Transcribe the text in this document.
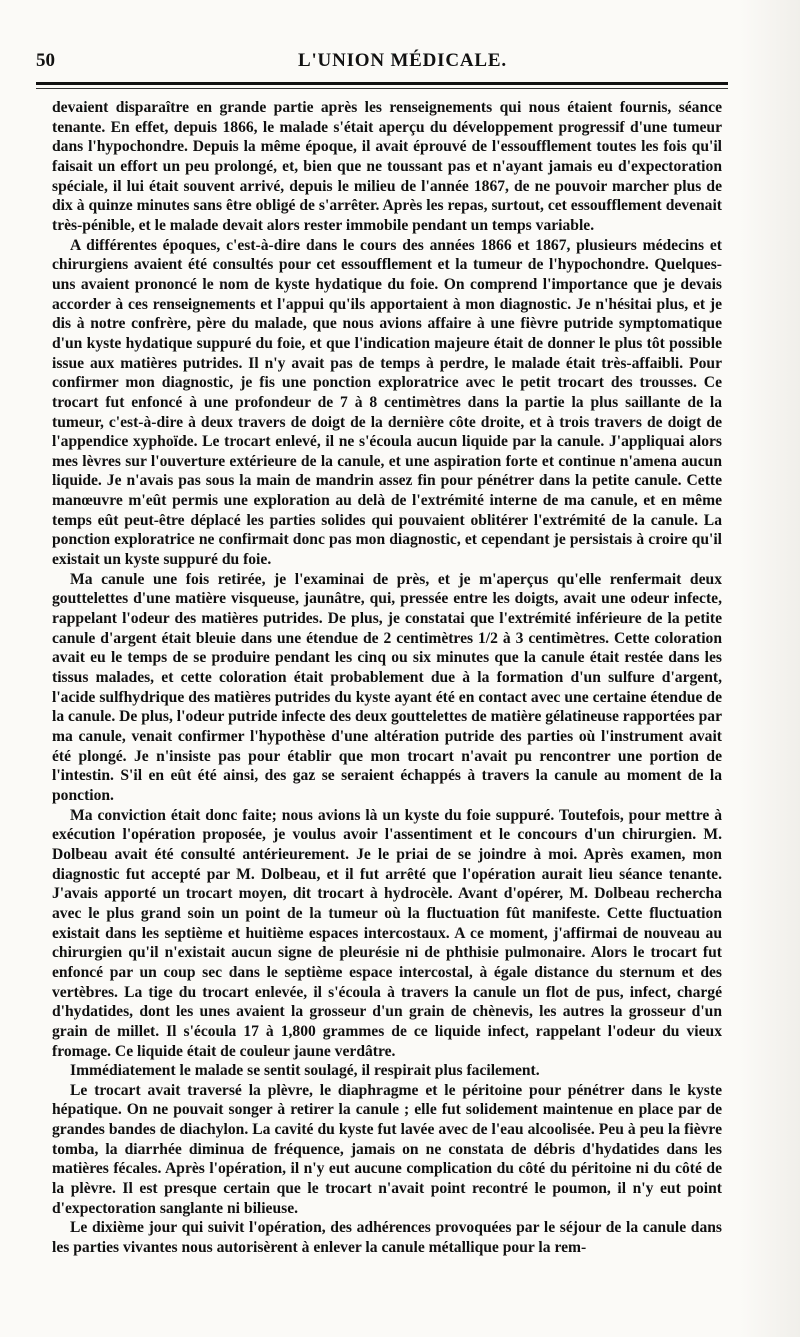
50	L'UNION MÉDICALE.

devaient disparaître en grande partie après les renseignements qui nous étaient fournis, séance tenante. En effet, depuis 1866, le malade s'était aperçu du développement progressif d'une tumeur dans l'hypochondre. Depuis la même époque, il avait éprouvé de l'essoufflement toutes les fois qu'il faisait un effort un peu prolongé, et, bien que ne toussant pas et n'ayant jamais eu d'expectoration spéciale, il lui était souvent arrivé, depuis le milieu de l'année 1867, de ne pouvoir marcher plus de dix à quinze minutes sans être obligé de s'arrêter. Après les repas, surtout, cet essoufflement devenait très-pénible, et le malade devait alors rester immobile pendant un temps variable.

A différentes époques, c'est-à-dire dans le cours des années 1866 et 1867, plusieurs médecins et chirurgiens avaient été consultés pour cet essoufflement et la tumeur de l'hypochondre. Quelques-uns avaient prononcé le nom de kyste hydatique du foie. On comprend l'importance que je devais accorder à ces renseignements et l'appui qu'ils apportaient à mon diagnostic. Je n'hésitai plus, et je dis à notre confrère, père du malade, que nous avions affaire à une fièvre putride symptomatique d'un kyste hydatique suppuré du foie, et que l'indication majeure était de donner le plus tôt possible issue aux matières putrides. Il n'y avait pas de temps à perdre, le malade était très-affaibli. Pour confirmer mon diagnostic, je fis une ponction exploratrice avec le petit trocart des trousses. Ce trocart fut enfoncé à une profondeur de 7 à 8 centimètres dans la partie la plus saillante de la tumeur, c'est-à-dire à deux travers de doigt de la dernière côte droite, et à trois travers de doigt de l'appendice xyphoïde. Le trocart enlevé, il ne s'écoula aucun liquide par la canule. J'appliquai alors mes lèvres sur l'ouverture extérieure de la canule, et une aspiration forte et continue n'amena aucun liquide. Je n'avais pas sous la main de mandrin assez fin pour pénétrer dans la petite canule. Cette manœuvre m'eût permis une exploration au delà de l'extrémité interne de ma canule, et en même temps eût peut-être déplacé les parties solides qui pouvaient oblitérer l'extrémité de la canule. La ponction exploratrice ne confirmait donc pas mon diagnostic, et cependant je persistais à croire qu'il existait un kyste suppuré du foie.

Ma canule une fois retirée, je l'examinai de près, et je m'aperçus qu'elle renfermait deux gouttelettes d'une matière visqueuse, jaunâtre, qui, pressée entre les doigts, avait une odeur infecte, rappelant l'odeur des matières putrides. De plus, je constatai que l'extrémité inférieure de la petite canule d'argent était bleuie dans une étendue de 2 centimètres 1/2 à 3 centimètres. Cette coloration avait eu le temps de se produire pendant les cinq ou six minutes que la canule était restée dans les tissus malades, et cette coloration était probablement due à la formation d'un sulfure d'argent, l'acide sulfhydrique des matières putrides du kyste ayant été en contact avec une certaine étendue de la canule. De plus, l'odeur putride infecte des deux gouttelettes de matière gélatineuse rapportées par ma canule, venait confirmer l'hypothèse d'une altération putride des parties où l'instrument avait été plongé. Je n'insiste pas pour établir que mon trocart n'avait pu rencontrer une portion de l'intestin. S'il en eût été ainsi, des gaz se seraient échappés à travers la canule au moment de la ponction.

Ma conviction était donc faite; nous avions là un kyste du foie suppuré. Toutefois, pour mettre à exécution l'opération proposée, je voulus avoir l'assentiment et le concours d'un chirurgien. M. Dolbeau avait été consulté antérieurement. Je le priai de se joindre à moi. Après examen, mon diagnostic fut accepté par M. Dolbeau, et il fut arrêté que l'opération aurait lieu séance tenante. J'avais apporté un trocart moyen, dit trocart à hydrocèle. Avant d'opérer, M. Dolbeau rechercha avec le plus grand soin un point de la tumeur où la fluctuation fût manifeste. Cette fluctuation existait dans les septième et huitième espaces intercostaux. A ce moment, j'affirmai de nouveau au chirurgien qu'il n'existait aucun signe de pleurésie ni de phthisie pulmonaire. Alors le trocart fut enfoncé par un coup sec dans le septième espace intercostal, à égale distance du sternum et des vertèbres. La tige du trocart enlevée, il s'écoula à travers la canule un flot de pus, infect, chargé d'hydatides, dont les unes avaient la grosseur d'un grain de chènevis, les autres la grosseur d'un grain de millet. Il s'écoula 17 à 1,800 grammes de ce liquide infect, rappelant l'odeur du vieux fromage. Ce liquide était de couleur jaune verdâtre.

Immédiatement le malade se sentit soulagé, il respirait plus facilement.

Le trocart avait traversé la plèvre, le diaphragme et le péritoine pour pénétrer dans le kyste hépatique. On ne pouvait songer à retirer la canule ; elle fut solidement maintenue en place par de grandes bandes de diachylon. La cavité du kyste fut lavée avec de l'eau alcoolisée. Peu à peu la fièvre tomba, la diarrhée diminua de fréquence, jamais on ne constata de débris d'hydatides dans les matières fécales. Après l'opération, il n'y eut aucune complication du côté du péritoine ni du côté de la plèvre. Il est presque certain que le trocart n'avait point recontré le poumon, il n'y eut point d'expectoration sanglante ni bilieuse.

Le dixième jour qui suivit l'opération, des adhérences provoquées par le séjour de la canule dans les parties vivantes nous autorisèrent à enlever la canule métallique pour la rem-
